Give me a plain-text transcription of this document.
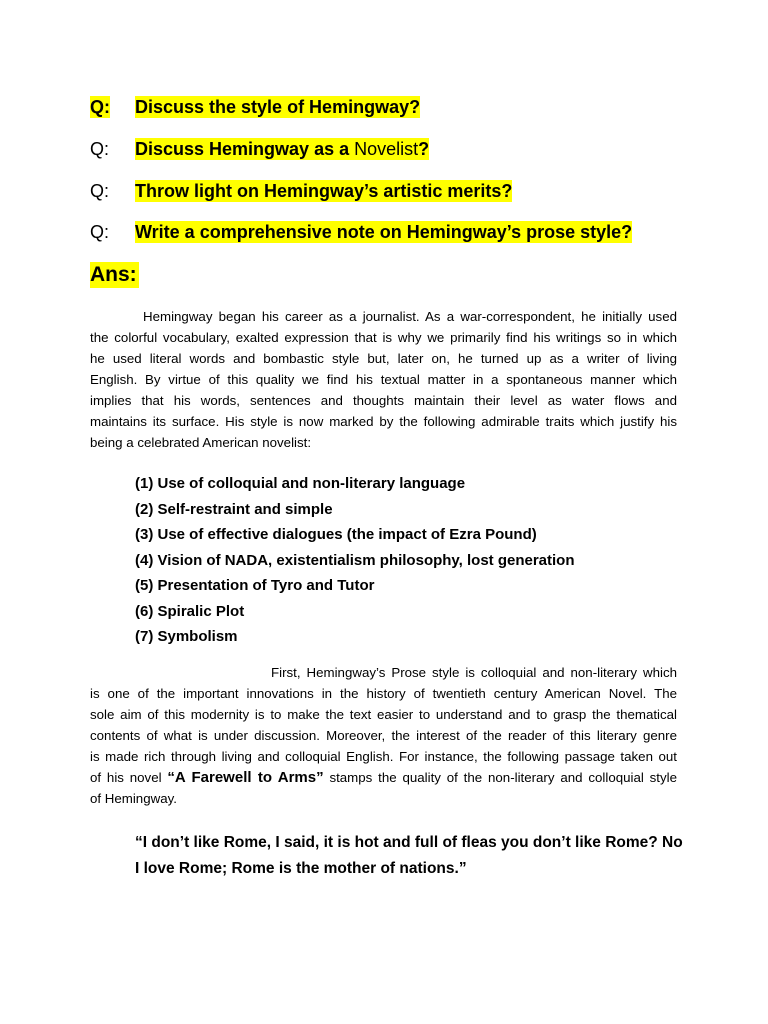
Q: Discuss the style of Hemingway?
Q: Discuss Hemingway as a Novelist?
Q: Throw light on Hemingway’s artistic merits?
Q: Write a comprehensive note on Hemingway’s prose style?
Ans:

Hemingway began his career as a journalist. As a war-correspondent, he initially used
the colorful vocabulary, exalted expression that is why we primarily find his writings so in which
he used literal words and bombastic style but, later on, he turned up as a writer of living
English. By virtue of this quality we find his textual matter in a spontaneous manner which
implies that his words, sentences and thoughts maintain their level as water flows and
maintains its surface. His style is now marked by the following admirable traits which justify his
being a celebrated American novelist:

(1) Use of colloquial and non-literary language
(2) Self-restraint and simple
(3) Use of effective dialogues (the impact of Ezra Pound)
(4) Vision of NADA, existentialism philosophy, lost generation
(5) Presentation of Tyro and Tutor
(6) Spiralic Plot
(7) Symbolism

First, Hemingway’s Prose style is colloquial and non-literary which
is one of the important innovations in the history of twentieth century American Novel. The
sole aim of this modernity is to make the text easier to understand and to grasp the thematical
contents of what is under discussion. Moreover, the interest of the reader of this literary genre
is made rich through living and colloquial English. For instance, the following passage taken out
of his novel “A Farewell to Arms” stamps the quality of the non-literary and colloquial style
of Hemingway.

“I don’t like Rome, I said, it is hot and full of fleas you don’t like Rome? No
I love Rome; Rome is the mother of nations.”
